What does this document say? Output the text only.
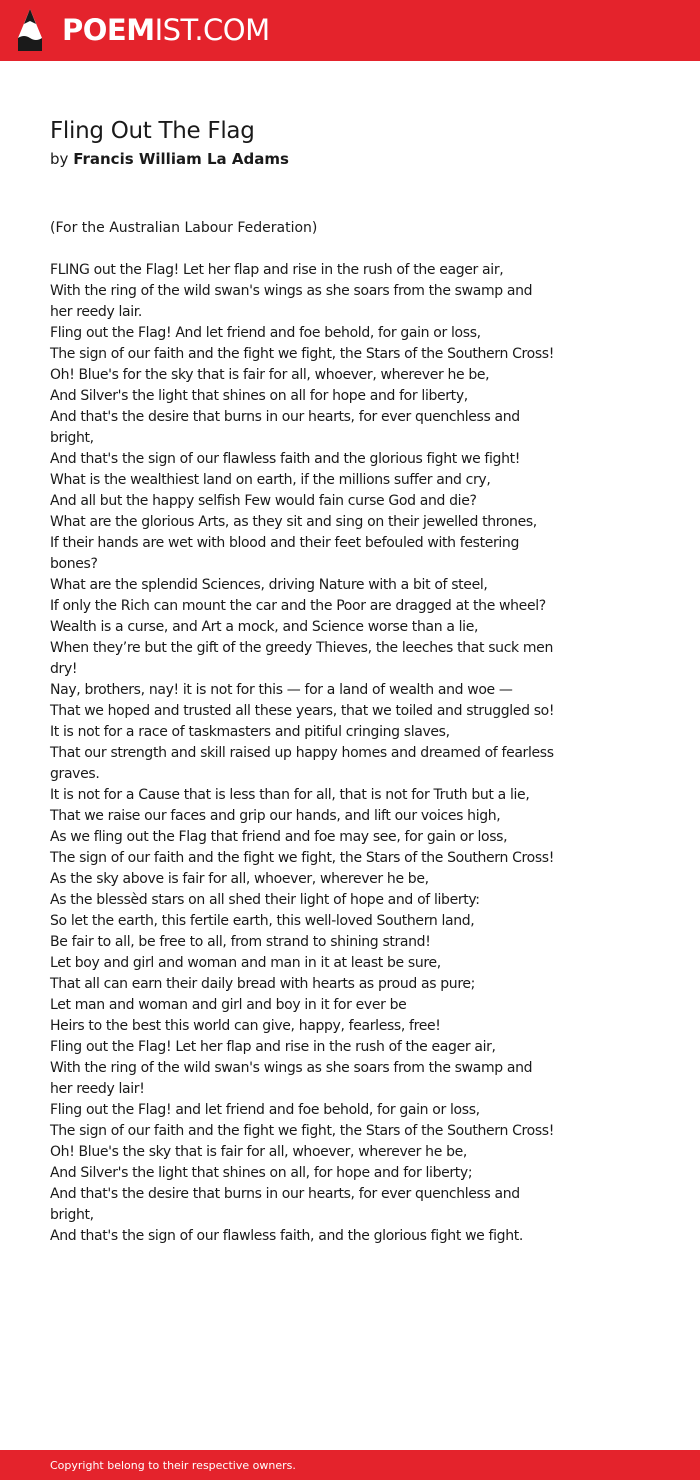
POEMIST.COM
Fling Out The Flag
by Francis William La Adams
(For the Australian Labour Federation)
FLING out the Flag! Let her flap and rise in the rush of the eager air,
With the ring of the wild swan's wings as she soars from the swamp and her reedy lair.
Fling out the Flag! And let friend and foe behold, for gain or loss,
The sign of our faith and the fight we fight, the Stars of the Southern Cross!
Oh! Blue's for the sky that is fair for all, whoever, wherever he be,
And Silver's the light that shines on all for hope and for liberty,
And that's the desire that burns in our hearts, for ever quenchless and bright,
And that's the sign of our flawless faith and the glorious fight we fight!
What is the wealthiest land on earth, if the millions suffer and cry,
And all but the happy selfish Few would fain curse God and die?
What are the glorious Arts, as they sit and sing on their jewelled thrones,
If their hands are wet with blood and their feet befouled with festering bones?
What are the splendid Sciences, driving Nature with a bit of steel,
If only the Rich can mount the car and the Poor are dragged at the wheel?
Wealth is a curse, and Art a mock, and Science worse than a lie,
When they’re but the gift of the greedy Thieves, the leeches that suck men dry!
Nay, brothers, nay! it is not for this — for a land of wealth and woe —
That we hoped and trusted all these years, that we toiled and struggled so!
It is not for a race of taskmasters and pitiful cringing slaves,
That our strength and skill raised up happy homes and dreamed of fearless graves.
It is not for a Cause that is less than for all, that is not for Truth but a lie,
That we raise our faces and grip our hands, and lift our voices high,
As we fling out the Flag that friend and foe may see, for gain or loss,
The sign of our faith and the fight we fight, the Stars of the Southern Cross!
As the sky above is fair for all, whoever, wherever he be,
As the blessèd stars on all shed their light of hope and of liberty:
So let the earth, this fertile earth, this well-loved Southern land,
Be fair to all, be free to all, from strand to shining strand!
Let boy and girl and woman and man in it at least be sure,
That all can earn their daily bread with hearts as proud as pure;
Let man and woman and girl and boy in it for ever be
Heirs to the best this world can give, happy, fearless, free!
Fling out the Flag! Let her flap and rise in the rush of the eager air,
With the ring of the wild swan's wings as she soars from the swamp and her reedy lair!
Fling out the Flag! and let friend and foe behold, for gain or loss,
The sign of our faith and the fight we fight, the Stars of the Southern Cross!
Oh! Blue's the sky that is fair for all, whoever, wherever he be,
And Silver's the light that shines on all, for hope and for liberty;
And that's the desire that burns in our hearts, for ever quenchless and bright,
And that's the sign of our flawless faith, and the glorious fight we fight.
Copyright belong to their respective owners.
